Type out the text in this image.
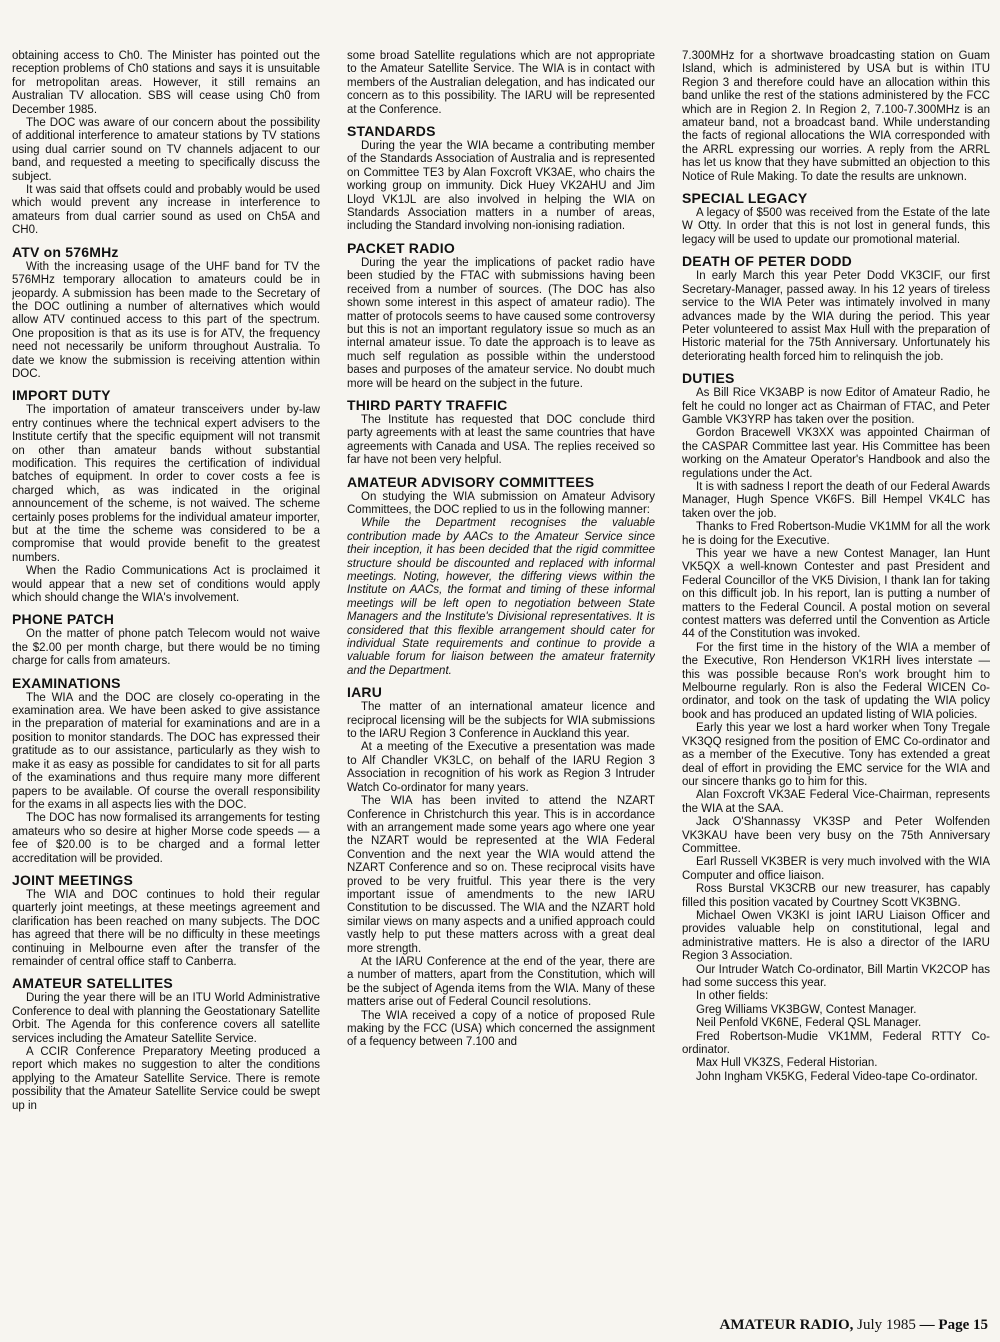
obtaining access to Ch0. The Minister has pointed out the reception problems of Ch0 stations and says it is unsuitable for metropolitan areas. However, it still remains an Australian TV allocation. SBS will cease using Ch0 from December 1985.

The DOC was aware of our concern about the possibility of additional interference to amateur stations by TV stations using dual carrier sound on TV channels adjacent to our band, and requested a meeting to specifically discuss the subject.

It was said that offsets could and probably would be used which would prevent any increase in interference to amateurs from dual carrier sound as used on Ch5A and CH0.

ATV on 576MHz

With the increasing usage of the UHF band for TV the 576MHz temporary allocation to amateurs could be in jeopardy. A submission has been made to the Secretary of the DOC outlining a number of alternatives which would allow ATV continued access to this part of the spectrum. One proposition is that as its use is for ATV, the frequency need not necessarily be uniform throughout Australia. To date we know the submission is receiving attention within DOC.

IMPORT DUTY

The importation of amateur transceivers under by-law entry continues where the technical expert advisers to the Institute certify that the specific equipment will not transmit on other than amateur bands without substantial modification. This requires the certification of individual batches of equipment. In order to cover costs a fee is charged which, as was indicated in the original announcement of the scheme, is not waived. The scheme certainly poses problems for the individual amateur importer, but at the time the scheme was considered to be a compromise that would provide benefit to the greatest numbers.

When the Radio Communications Act is proclaimed it would appear that a new set of conditions would apply which should change the WIA's involvement.

PHONE PATCH

On the matter of phone patch Telecom would not waive the $2.00 per month charge, but there would be no timing charge for calls from amateurs.

EXAMINATIONS

The WIA and the DOC are closely co-operating in the examination area. We have been asked to give assistance in the preparation of material for examinations and are in a position to monitor standards. The DOC has expressed their gratitude as to our assistance, particularly as they wish to make it as easy as possible for candidates to sit for all parts of the examinations and thus require many more different papers to be available. Of course the overall responsibility for the exams in all aspects lies with the DOC.

The DOC has now formalised its arrangements for testing amateurs who so desire at higher Morse code speeds — a fee of $20.00 is to be charged and a formal letter accreditation will be provided.

JOINT MEETINGS

The WIA and DOC continues to hold their regular quarterly joint meetings, at these meetings agreement and clarification has been reached on many subjects. The DOC has agreed that there will be no difficulty in these meetings continuing in Melbourne even after the transfer of the remainder of central office staff to Canberra.

AMATEUR SATELLITES

During the year there will be an ITU World Administrative Conference to deal with planning the Geostationary Satellite Orbit. The Agenda for this conference covers all satellite services including the Amateur Satellite Service.

A CCIR Conference Preparatory Meeting produced a report which makes no suggestion to alter the conditions applying to the Amateur Satellite Service. There is remote possibility that the Amateur Satellite Service could be swept up in

some broad Satellite regulations which are not appropriate to the Amateur Satellite Service. The WIA is in contact with members of the Australian delegation, and has indicated our concern as to this possibility. The IARU will be represented at the Conference.

STANDARDS

During the year the WIA became a contributing member of the Standards Association of Australia and is represented on Committee TE3 by Alan Foxcroft VK3AE, who chairs the working group on immunity. Dick Huey VK2AHU and Jim Lloyd VK1JL are also involved in helping the WIA on Standards Association matters in a number of areas, including the Standard involving non-ionising radiation.

PACKET RADIO

During the year the implications of packet radio have been studied by the FTAC with submissions having been received from a number of sources. (The DOC has also shown some interest in this aspect of amateur radio). The matter of protocols seems to have caused some controversy but this is not an important regulatory issue so much as an internal amateur issue. To date the approach is to leave as much self regulation as possible within the understood bases and purposes of the amateur service. No doubt much more will be heard on the subject in the future.

THIRD PARTY TRAFFIC

The Institute has requested that DOC conclude third party agreements with at least the same countries that have agreements with Canada and USA. The replies received so far have not been very helpful.

AMATEUR ADVISORY COMMITTEES

On studying the WIA submission on Amateur Advisory Committees, the DOC replied to us in the following manner:

While the Department recognises the valuable contribution made by AACs to the Amateur Service since their inception, it has been decided that the rigid committee structure should be discounted and replaced with informal meetings. Noting, however, the differing views within the Institute on AACs, the format and timing of these informal meetings will be left open to negotiation between State Managers and the Institute's Divisional representatives. It is considered that this flexible arrangement should cater for individual State requirements and continue to provide a valuable forum for liaison between the amateur fraternity and the Department.

IARU

The matter of an international amateur licence and reciprocal licensing will be the subjects for WIA submissions to the IARU Region 3 Conference in Auckland this year.

At a meeting of the Executive a presentation was made to Alf Chandler VK3LC, on behalf of the IARU Region 3 Association in recognition of his work as Region 3 Intruder Watch Co-ordinator for many years.

The WIA has been invited to attend the NZART Conference in Christchurch this year. This is in accordance with an arrangement made some years ago where one year the NZART would be represented at the WIA Federal Convention and the next year the WIA would attend the NZART Conference and so on. These reciprocal visits have proved to be very fruitful. This year there is the very important issue of amendments to the new IARU Constitution to be discussed. The WIA and the NZART hold similar views on many aspects and a unified approach could vastly help to put these matters across with a great deal more strength.

At the IARU Conference at the end of the year, there are a number of matters, apart from the Constitution, which will be the subject of Agenda items from the WIA. Many of these matters arise out of Federal Council resolutions.

The WIA received a copy of a notice of proposed Rule making by the FCC (USA) which concerned the assignment of a fequency between 7.100 and

7.300MHz for a shortwave broadcasting station on Guam Island, which is administered by USA but is within ITU Region 3 and therefore could have an allocation within this band unlike the rest of the stations administered by the FCC which are in Region 2. In Region 2, 7.100-7.300MHz is an amateur band, not a broadcast band. While understanding the facts of regional allocations the WIA corresponded with the ARRL expressing our worries. A reply from the ARRL has let us know that they have submitted an objection to this Notice of Rule Making. To date the results are unknown.

SPECIAL LEGACY

A legacy of $500 was received from the Estate of the late W Otty. In order that this is not lost in general funds, this legacy will be used to update our promotional material.

DEATH OF PETER DODD

In early March this year Peter Dodd VK3CIF, our first Secretary-Manager, passed away. In his 12 years of tireless service to the WIA Peter was intimately involved in many advances made by the WIA during the period. This year Peter volunteered to assist Max Hull with the preparation of Historic material for the 75th Anniversary. Unfortunately his deteriorating health forced him to relinquish the job.

DUTIES

As Bill Rice VK3ABP is now Editor of Amateur Radio, he felt he could no longer act as Chairman of FTAC, and Peter Gamble VK3YRP has taken over the position.

Gordon Bracewell VK3XX was appointed Chairman of the CASPAR Committee last year. His Committee has been working on the Amateur Operator's Handbook and also the regulations under the Act.

It is with sadness I report the death of our Federal Awards Manager, Hugh Spence VK6FS. Bill Hempel VK4LC has taken over the job.

Thanks to Fred Robertson-Mudie VK1MM for all the work he is doing for the Executive.

This year we have a new Contest Manager, Ian Hunt VK5QX a well-known Contester and past President and Federal Councillor of the VK5 Division, I thank Ian for taking on this difficult job. In his report, Ian is putting a number of matters to the Federal Council. A postal motion on several contest matters was deferred until the Convention as Article 44 of the Constitution was invoked.

For the first time in the history of the WIA a member of the Executive, Ron Henderson VK1RH lives interstate — this was possible because Ron's work brought him to Melbourne regularly. Ron is also the Federal WICEN Co-ordinator, and took on the task of updating the WIA policy book and has produced an updated listing of WIA policies.

Early this year we lost a hard worker when Tony Tregale VK3QQ resigned from the position of EMC Co-ordinator and as a member of the Executive. Tony has extended a great deal of effort in providing the EMC service for the WIA and our sincere thanks go to him for this.

Alan Foxcroft VK3AE Federal Vice-Chairman, represents the WIA at the SAA.

Jack O'Shannassy VK3SP and Peter Wolfenden VK3KAU have been very busy on the 75th Anniversary Committee.

Earl Russell VK3BER is very much involved with the WIA Computer and office liaison.

Ross Burstal VK3CRB our new treasurer, has capably filled this position vacated by Courtney Scott VK3BNG.

Michael Owen VK3KI is joint IARU Liaison Officer and provides valuable help on constitutional, legal and administrative matters. He is also a director of the IARU Region 3 Association.

Our Intruder Watch Co-ordinator, Bill Martin VK2COP has had some success this year.

In other fields:

Greg Williams VK3BGW, Contest Manager.

Neil Penfold VK6NE, Federal QSL Manager.

Fred Robertson-Mudie VK1MM, Federal RTTY Co-ordinator.

Max Hull VK3ZS, Federal Historian.

John Ingham VK5KG, Federal Video-tape Co-ordinator.

AMATEUR RADIO, July 1985 — Page 15
